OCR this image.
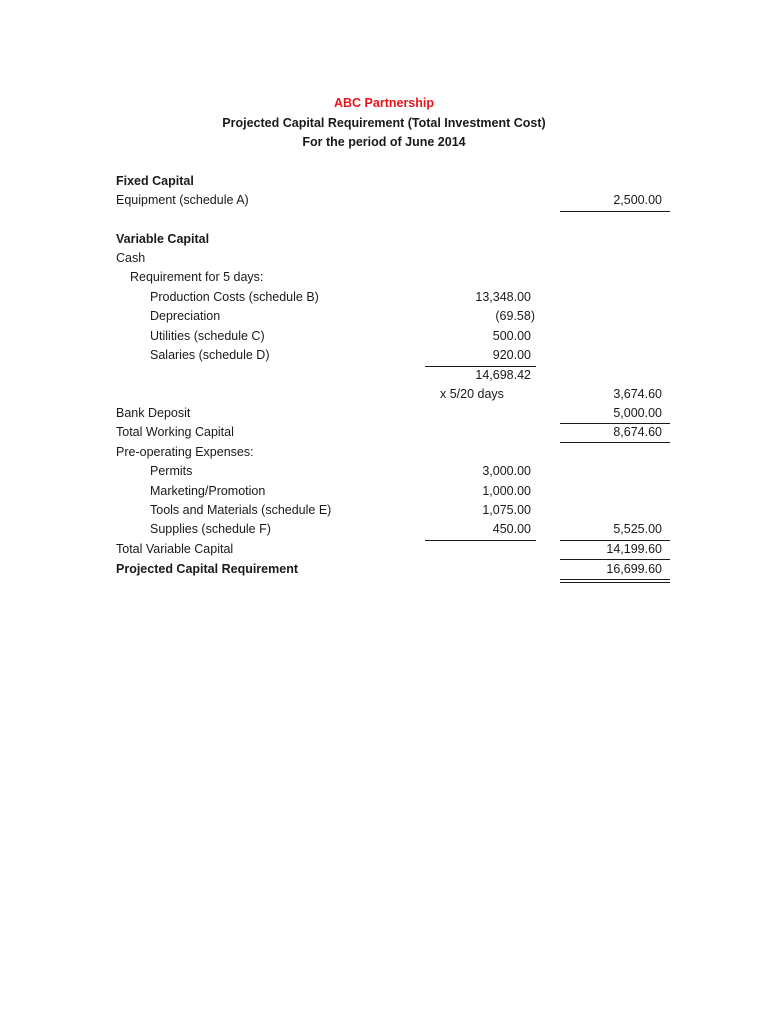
ABC Partnership
Projected Capital Requirement (Total Investment Cost)
For the period of June 2014
Fixed Capital
Equipment (schedule A)	2,500.00
Variable Capital
Cash
Requirement for 5 days:
Production Costs (schedule B)	13,348.00
Depreciation	(69.58)
Utilities (schedule C)	500.00
Salaries (schedule D)	920.00
14,698.42
x 5/20 days	3,674.60
Bank Deposit	5,000.00
Total Working Capital	8,674.60
Pre-operating Expenses:
Permits	3,000.00
Marketing/Promotion	1,000.00
Tools and Materials (schedule E)	1,075.00
Supplies (schedule F)	450.00	5,525.00
Total Variable Capital	14,199.60
Projected Capital Requirement	16,699.60
